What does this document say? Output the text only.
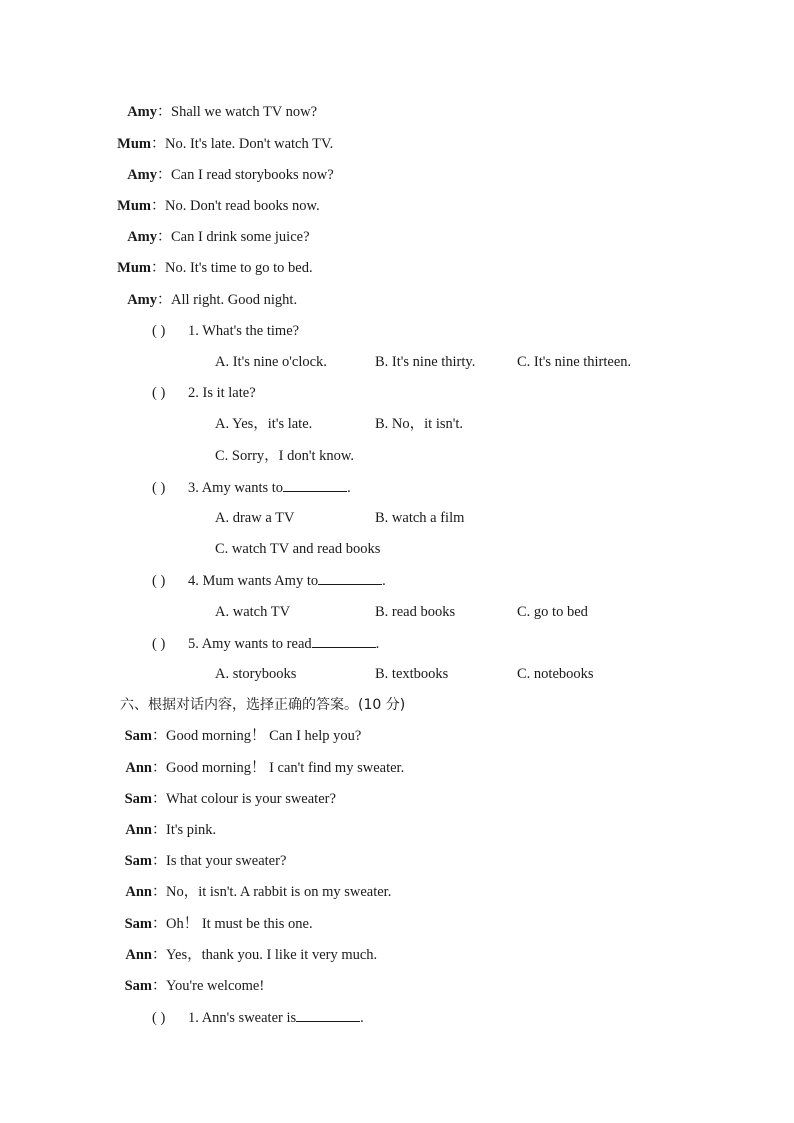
Amy：Shall we watch TV now?
Mum：No. It's late. Don't watch TV.
Amy：Can I read storybooks now?
Mum：No. Don't read books now.
Amy：Can I drink some juice?
Mum：No. It's time to go to bed.
Amy：All right. Good night.
( ) 1. What's the time?
A. It's nine o'clock.	B. It's nine thirty.	C. It's nine thirteen.
( ) 2. Is it late?
A. Yes，it's late.	B. No，it isn't.
C. Sorry，I don't know.
( ) 3. Amy wants to	.
A. draw a TV	B. watch a film
C. watch TV and read books
( ) 4. Mum wants Amy to	.
A. watch TV	B. read books	C. go to bed
( ) 5. Amy wants to read	.
A. storybooks	B. textbooks	C. notebooks
六、根据对话内容，选择正确的答案。(10 分)
Sam：Good morning！ Can I help you?
Ann：Good morning！ I can't find my sweater.
Sam：What colour is your sweater?
Ann：It's pink.
Sam：Is that your sweater?
Ann：No，it isn't. A rabbit is on my sweater.
Sam：Oh！ It must be this one.
Ann：Yes，thank you. I like it very much.
Sam：You're welcome!
( ) 1. Ann's sweater is	.
